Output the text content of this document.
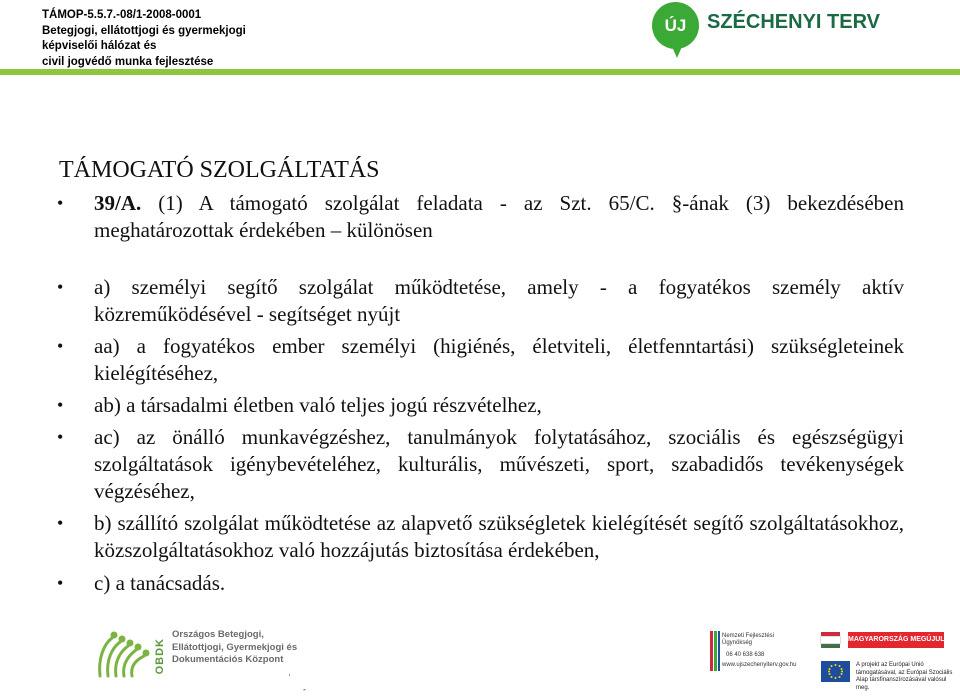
TÁMOP-5.5.7.-08/1-2008-0001
Betegjogi, ellátottjogi és gyermekjogi
képviselői hálózat és
civil jogvédő munka fejlesztése
ÚJ	SZÉCHENYI TERV
TÁMOGATÓ SZOLGÁLTATÁS
• 39/A. (1) A támogató szolgálat feladata - az Szt. 65/C. §-ának (3) bekezdésében meghatározottak érdekében – különösen
• a) személyi segítő szolgálat működtetése, amely - a fogyatékos személy aktív közreműködésével - segítséget nyújt
• aa) a fogyatékos ember személyi (higiénés, életviteli, életfenntartási) szükségleteinek kielégítéséhez,
• ab) a társadalmi életben való teljes jogú részvételhez,
• ac) az önálló munkavégzéshez, tanulmányok folytatásához, szociális és egészségügyi szolgáltatások igénybevételéhez, kulturális, művészeti, sport, szabadidős tevékenységek végzéséhez,
• b) szállító szolgálat működtetése az alapvető szükségletek kielégítését segítő szolgáltatásokhoz, közszolgáltatásokhoz való hozzájutás biztosítása érdekében,
• c) a tanácsadás.
OBDK
Országos Betegjogi,
Ellátottjogi, Gyermekjogi és
Dokumentációs Központ
·
-
Nemzeti Fejlesztési Ügynökség
06 40 638 638
www.ujszechenyiterv.gov.hu
MAGYARORSZÁG MEGÚJUL
A projekt az Európai Unió támogatásával, az Európai Szociális Alap társfinanszírozásával valósul meg.
